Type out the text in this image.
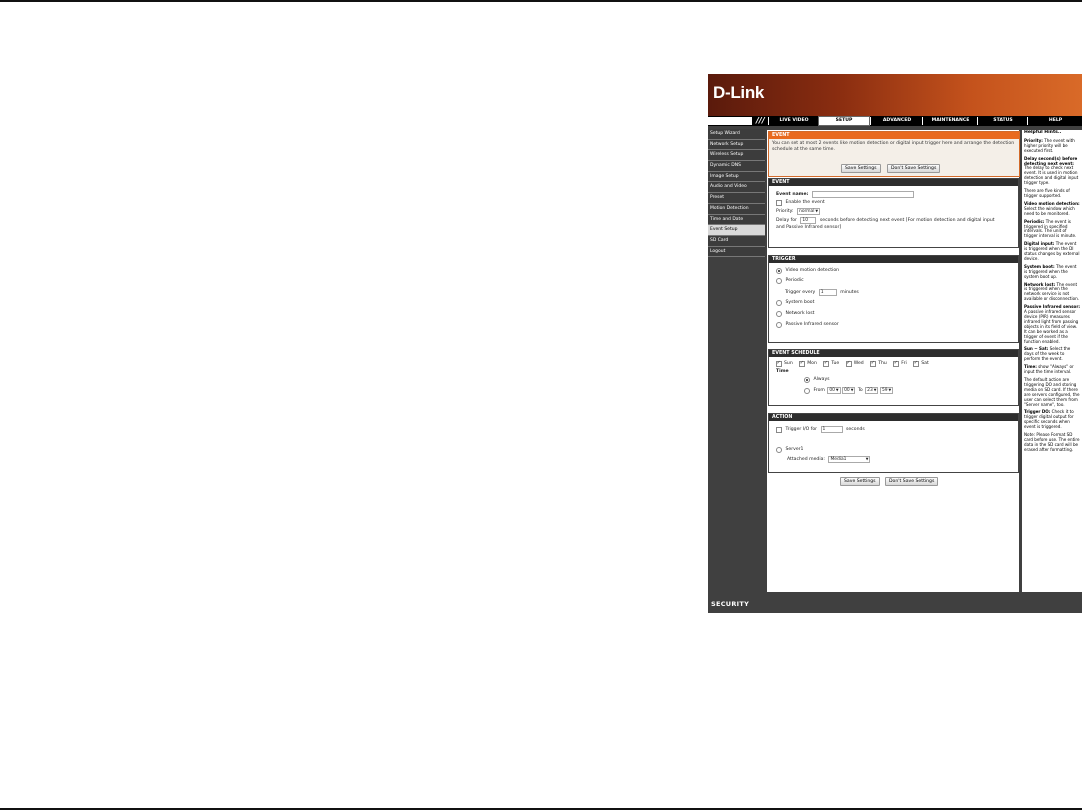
D-Link
///	LIVE VIDEO	SETUP	ADVANCED	MAINTENANCE	STATUS	HELP
Setup Wizard
Network Setup
Wireless Setup
Dynamic DNS
Image Setup
Audio and Video
Preset
Motion Detection
Time and Date
Event Setup
SD Card
Logout
EVENT
You can set at most 2 events like motion detection or digital input trigger here and arrange the detection schedule at the same time.
Save Settings	Don't Save Settings
EVENT
Event name:
Enable the event
Priority: normal▼
Delay for 10	seconds before detecting next event [For motion detection and digital input
and Passive Infrared sensor]
TRIGGER
Video motion detection
Periodic
Trigger every 1	minutes
System boot
Network lost
Passive Infrared sensor
EVENT SCHEDULE
✓Sun ✓	Mon ✓	Tue ✓	Wed ✓	Thu ✓	Fri ✓	Sat
Time
Always
From 00▼ 00▼ To 23▼ 59▼
ACTION
Trigger I/O for 1	seconds
Server1
Attached media: Media1	▼
Save Settings	Don't Save Settings

Helpful Hints..

Priority: The event with higher priority will be executed first.

Delay second(s) before detecting next event: The delay to check next event. It is used in motion detection and digital input trigger type.

There are five kinds of trigger supported.

Video motion detection: Select the window which need to be monitored.

Periodic: The event is triggered in specified intervals. The unit of trigger interval is minute.

Digital input: The event is triggered when the DI status changes by external device.

System boot: The event is triggered when the system boot up.

Network lost: The event is triggered when the network service is not available or disconnection.

Passive Infrared sensor: A passive infrared sensor device (PIR) measures infrared light from passing objects in its field of view. It can be worked as a trigger of event if the function enabled.

Sun ~ Sat: Select the days of the week to perform the event.

Time: show "Always" or input the time interval.

The default action are triggering DO and storing media on SD card. If there are servers configured, the user can select them from "Server name", too.

Trigger DO: Check it to trigger digital output for specific seconds when event is triggered.

Note: Please Format SD card before use. The entire data in the SD card will be erased after formatting.

SECURITY
